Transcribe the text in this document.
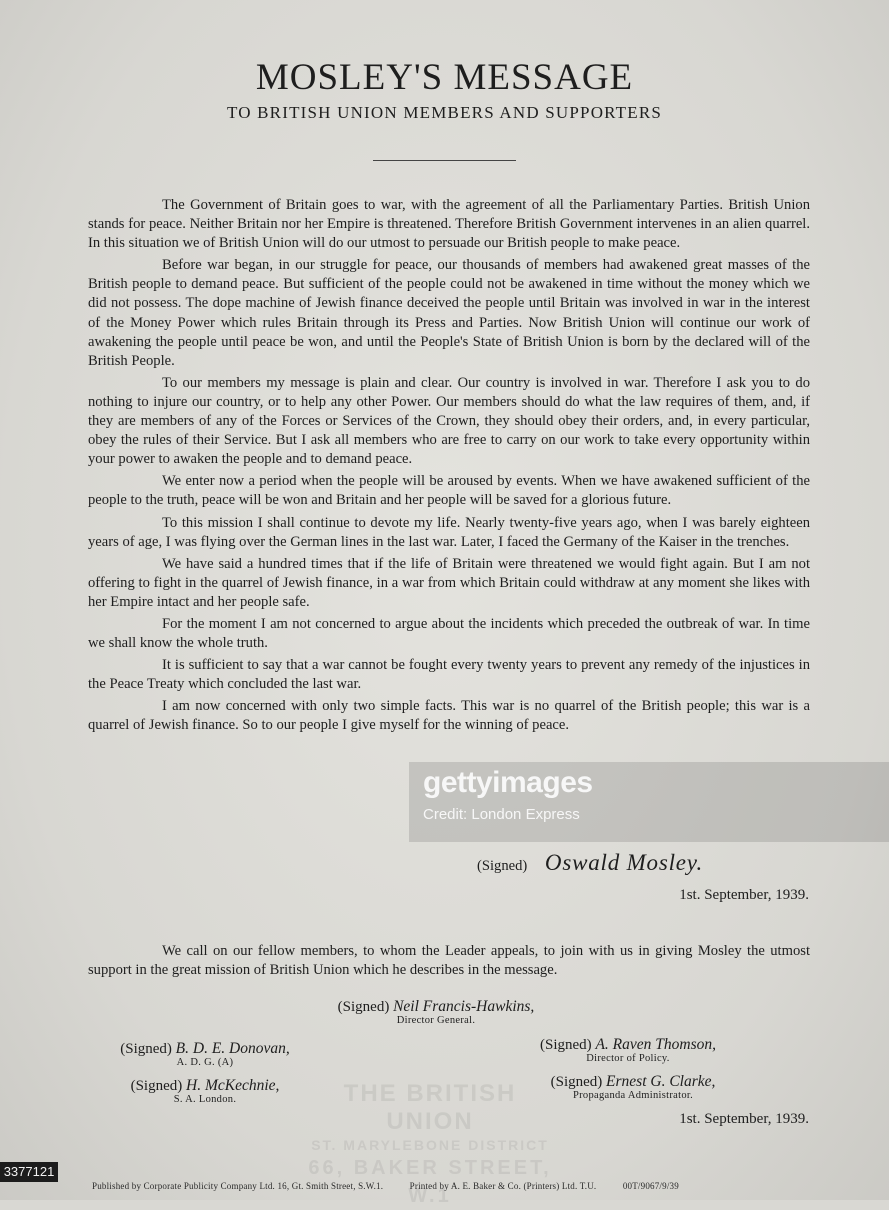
MOSLEY'S MESSAGE
TO BRITISH UNION MEMBERS AND SUPPORTERS

The Government of Britain goes to war, with the agreement of all the Parliamentary Parties. British Union stands for peace. Neither Britain nor her Empire is threatened. Therefore British Government intervenes in an alien quarrel. In this situation we of British Union will do our utmost to persuade our British people to make peace.

Before war began, in our struggle for peace, our thousands of members had awakened great masses of the British people to demand peace. But sufficient of the people could not be awakened in time without the money which we did not possess. The dope machine of Jewish finance deceived the people until Britain was involved in war in the interest of the Money Power which rules Britain through its Press and Parties. Now British Union will continue our work of awakening the people until peace be won, and until the People's State of British Union is born by the declared will of the British People.

To our members my message is plain and clear. Our country is involved in war. Therefore I ask you to do nothing to injure our country, or to help any other Power. Our members should do what the law requires of them, and, if they are members of any of the Forces or Services of the Crown, they should obey their orders, and, in every particular, obey the rules of their Service. But I ask all members who are free to carry on our work to take every opportunity within your power to awaken the people and to demand peace.

We enter now a period when the people will be aroused by events. When we have awakened sufficient of the people to the truth, peace will be won and Britain and her people will be saved for a glorious future.

To this mission I shall continue to devote my life. Nearly twenty-five years ago, when I was barely eighteen years of age, I was flying over the German lines in the last war. Later, I faced the Germany of the Kaiser in the trenches.

We have said a hundred times that if the life of Britain were threatened we would fight again. But I am not offering to fight in the quarrel of Jewish finance, in a war from which Britain could withdraw at any moment she likes with her Empire intact and her people safe.

For the moment I am not concerned to argue about the incidents which preceded the outbreak of war. In time we shall know the whole truth.

It is sufficient to say that a war cannot be fought every twenty years to prevent any remedy of the injustices in the Peace Treaty which concluded the last war.

I am now concerned with only two simple facts. This war is no quarrel of the British people; this war is a quarrel of Jewish finance. So to our people I give myself for the winning of peace.

(Signed) Oswald Mosley.
1st. September, 1939.

We call on our fellow members, to whom the Leader appeals, to join with us in giving Mosley the utmost support in the great mission of British Union which he describes in the message.

THE BRITISH UNION
ST. MARYLEBONE DISTRICT
66, BAKER STREET, W.1
(Signed) Neil Francis-Hawkins,
Director General.
(Signed) B. D. E. Donovan,
A. D. G. (A)
(Signed) A. Raven Thomson,
Director of Policy.
(Signed) H. McKechnie,
S. A. London.
(Signed) Ernest G. Clarke,
Propaganda Administrator.
1st. September, 1939.
gettyimages
Credit: London Express
3377121
Published by Corporate Publicity Company Ltd. 16, Gt. Smith Street, S.W.1.	Printed by A. E. Baker & Co. (Printers) Ltd. T.U.	00T/9067/9/39
